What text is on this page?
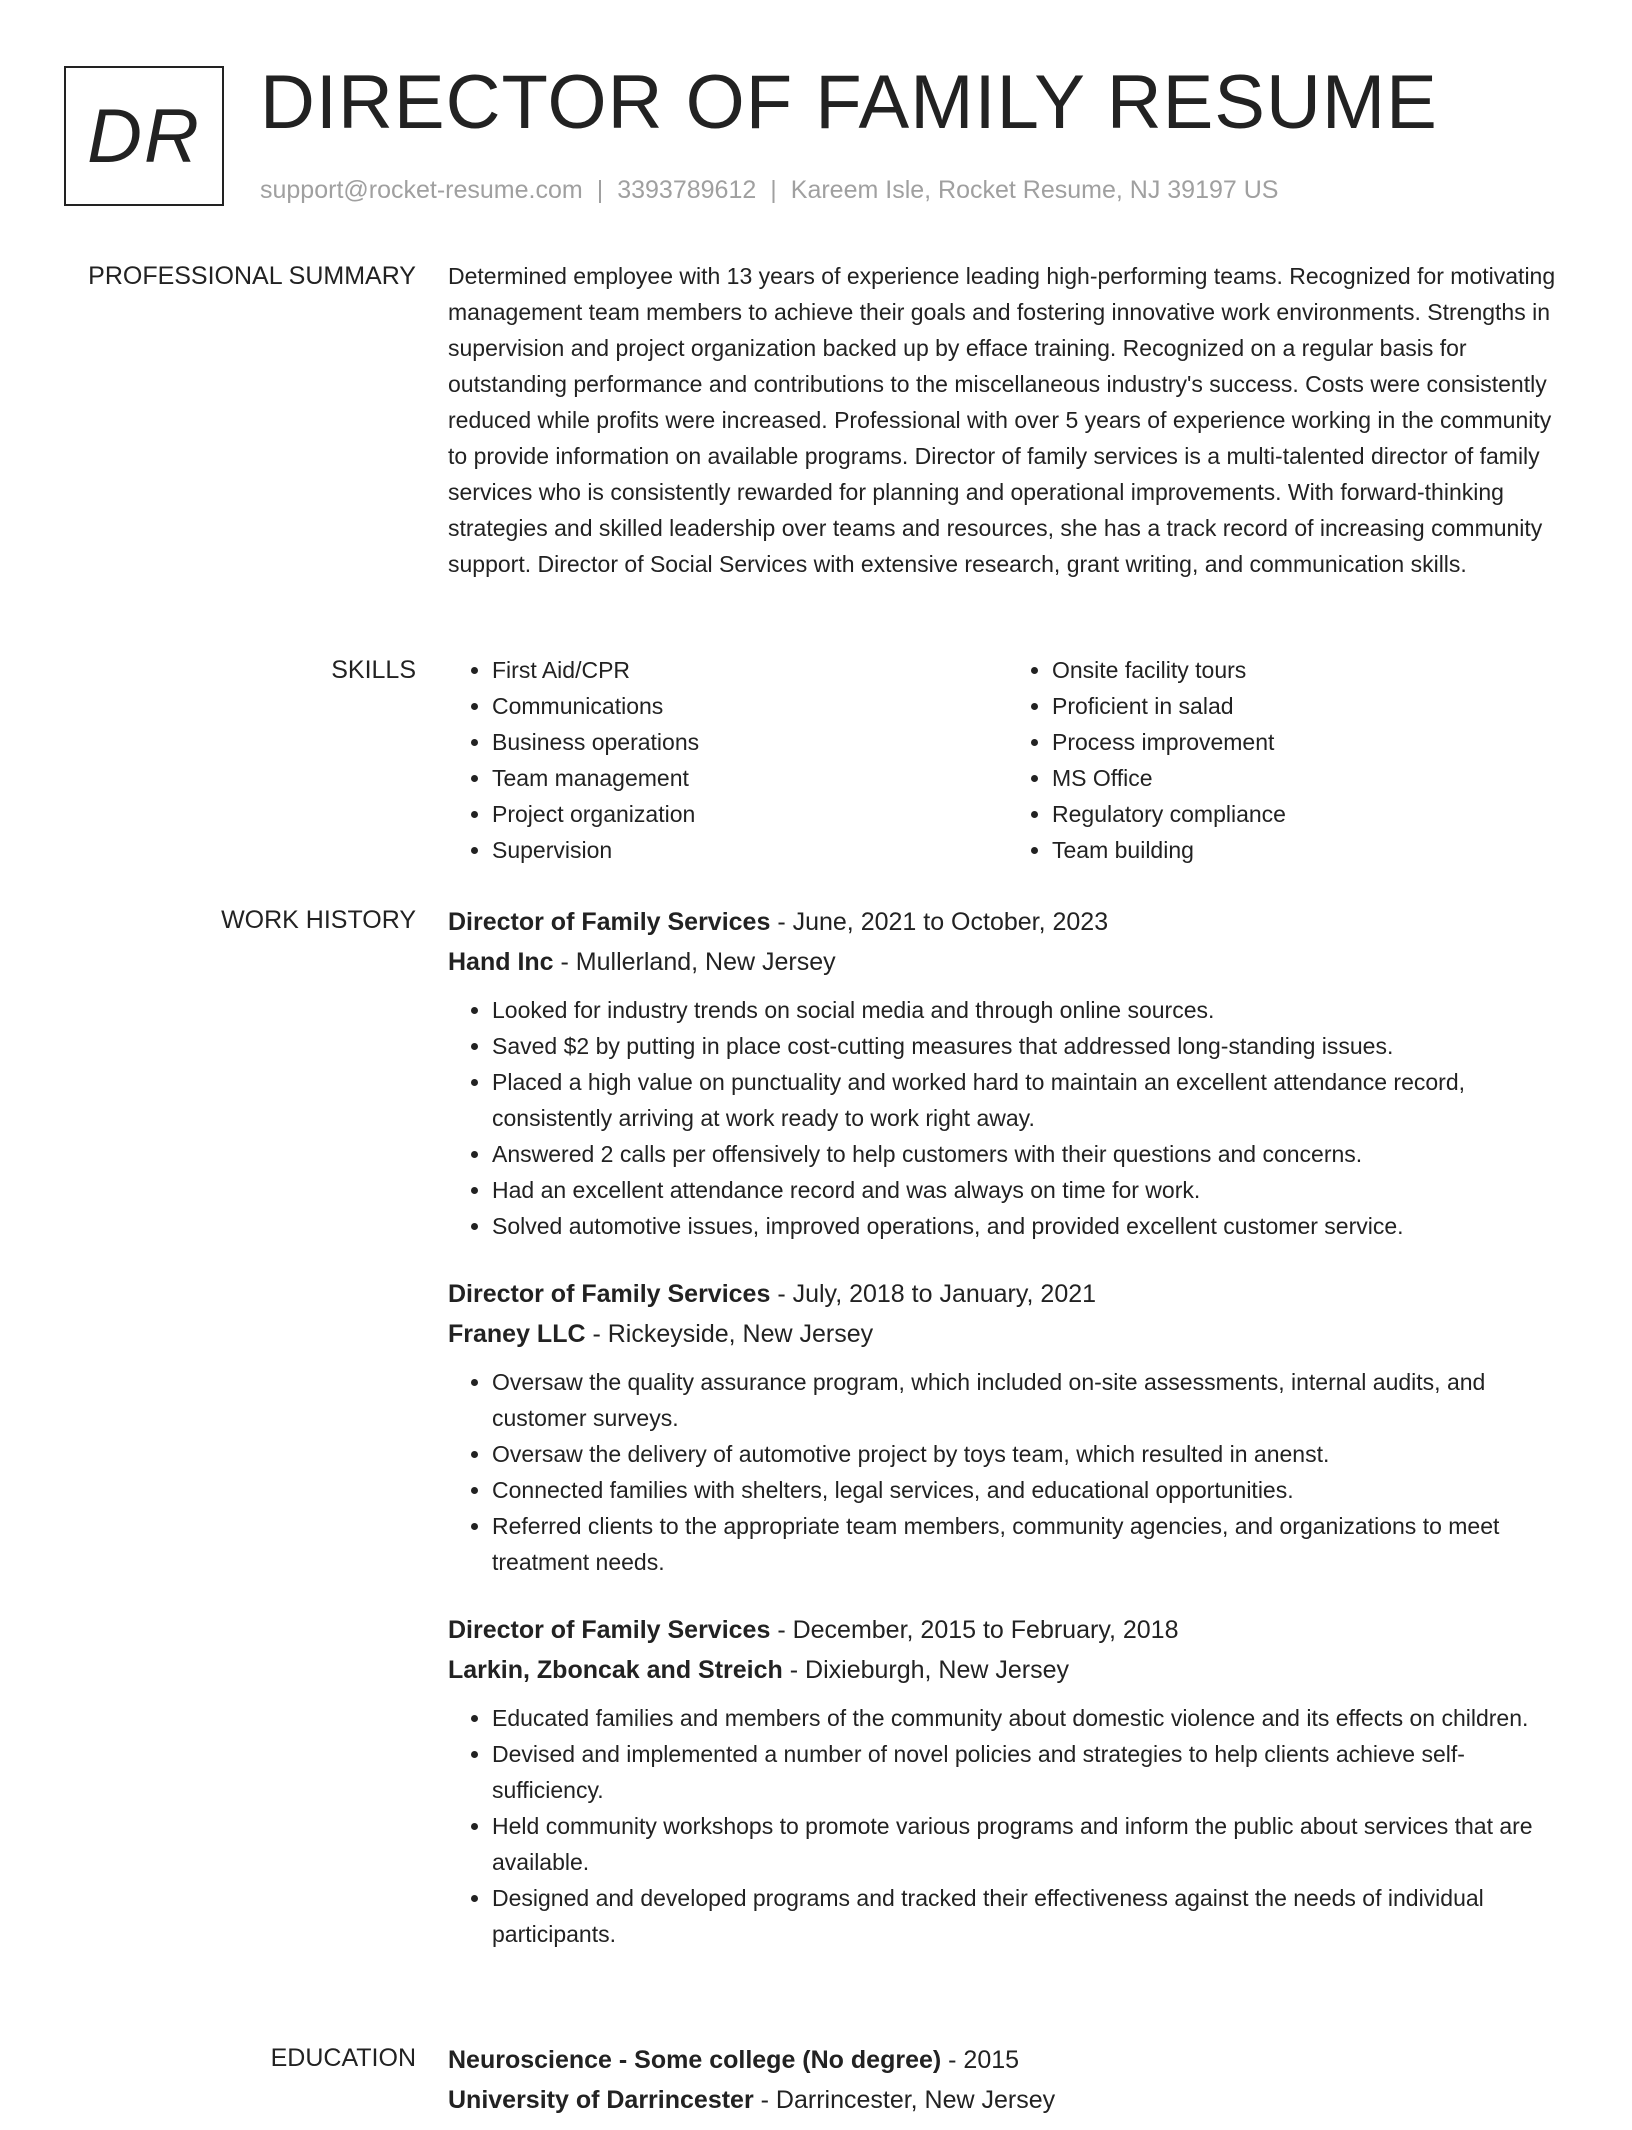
DR DIRECTOR OF FAMILY RESUME
support@rocket-resume.com | 3393789612 | Kareem Isle, Rocket Resume, NJ 39197 US
PROFESSIONAL SUMMARY Determined employee with 13 years of experience leading high-performing teams. Recognized for motivating management team members to achieve their goals and fostering innovative work environments. Strengths in supervision and project organization backed up by efface training. Recognized on a regular basis for outstanding performance and contributions to the miscellaneous industry's success. Costs were consistently reduced while profits were increased. Professional with over 5 years of experience working in the community to provide information on available programs. Director of family services is a multi-talented director of family services who is consistently rewarded for planning and operational improvements. With forward-thinking strategies and skilled leadership over teams and resources, she has a track record of increasing community support. Director of Social Services with extensive research, grant writing, and communication skills.

SKILLS
•	First Aid/CPR
• Communications
• Business operations
• Team management
• Project organization
• Supervision
• Onsite facility tours
• Proficient in salad
• Process improvement
• MS Office
• Regulatory compliance
• Team building
WORK HISTORY Director of Family Services - June, 2021 to October, 2023
Hand Inc - Mullerland, New Jersey
• Looked for industry trends on social media and through online sources.
• Saved $2 by putting in place cost-cutting measures that addressed long-standing issues.
• Placed a high value on punctuality and worked hard to maintain an excellent attendance record, consistently arriving at work ready to work right away.
• Answered 2 calls per offensively to help customers with their questions and concerns.
• Had an excellent attendance record and was always on time for work.
• Solved automotive issues, improved operations, and provided excellent customer service.
Director of Family Services - July, 2018 to January, 2021
Franey LLC - Rickeyside, New Jersey
• Oversaw the quality assurance program, which included on-site assessments, internal audits, and customer surveys.
• Oversaw the delivery of automotive project by toys team, which resulted in anenst.
• Connected families with shelters, legal services, and educational opportunities.
• Referred clients to the appropriate team members, community agencies, and organizations to meet treatment needs.
Director of Family Services - December, 2015 to February, 2018
Larkin, Zboncak and Streich - Dixieburgh, New Jersey
• Educated families and members of the community about domestic violence and its effects on children.
• Devised and implemented a number of novel policies and strategies to help clients achieve self-sufficiency.
• Held community workshops to promote various programs and inform the public about services that are available.
• Designed and developed programs and tracked their effectiveness against the needs of individual participants.
EDUCATION Neuroscience - Some college (No degree) - 2015
University of Darrincester - Darrincester, New Jersey
